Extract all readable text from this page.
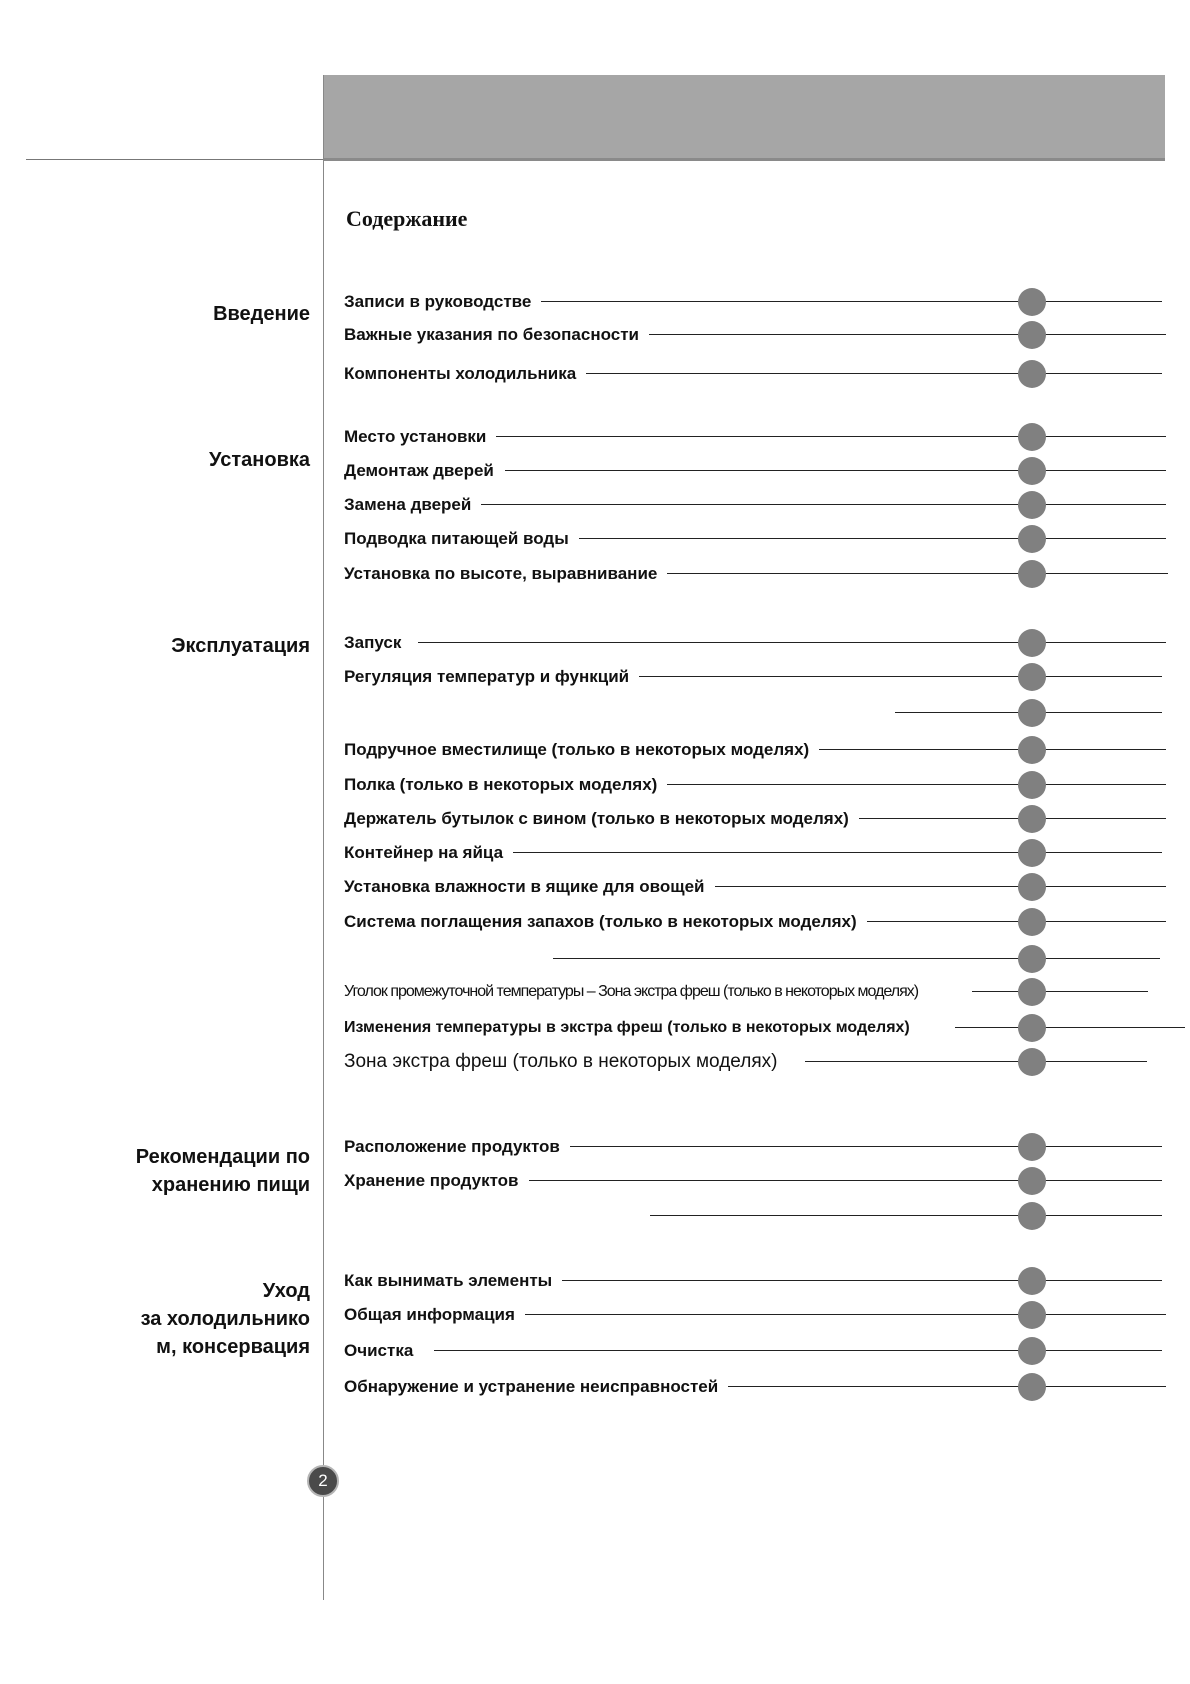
Содержание
Введение
Установка
Эксплуатация
Рекомендации по
хранению пищи
Уход
за холодильнико
м, консервация
Записи в руководстве
Важные указания по безопасности
Компоненты холодильника
Место установки
Демонтаж дверей
Замена дверей
Подводка питающей воды
Установка по высоте, выравнивание
Запуск
Регуляция температур и функций
Подручное вместилище (только в некоторых моделях)
Полка (только в некоторых моделях)
Держатель бутылок с вином (только в некоторых моделях)
Контейнер на яйца
Установка влажности в ящике для овощей
Система поглащения запахов (только в некоторых моделях)
Уголок промежуточной температуры – Зона экстра фреш (только в некоторых моделях)
Изменения температуры в экстра фреш (только в некоторых моделях)
Зона экстра фреш (только в некоторых моделях)
Расположение продуктов
Хранение продуктов
Как вынимать элементы
Общая информация
Очистка
Обнаружение и устранение неисправностей
2
